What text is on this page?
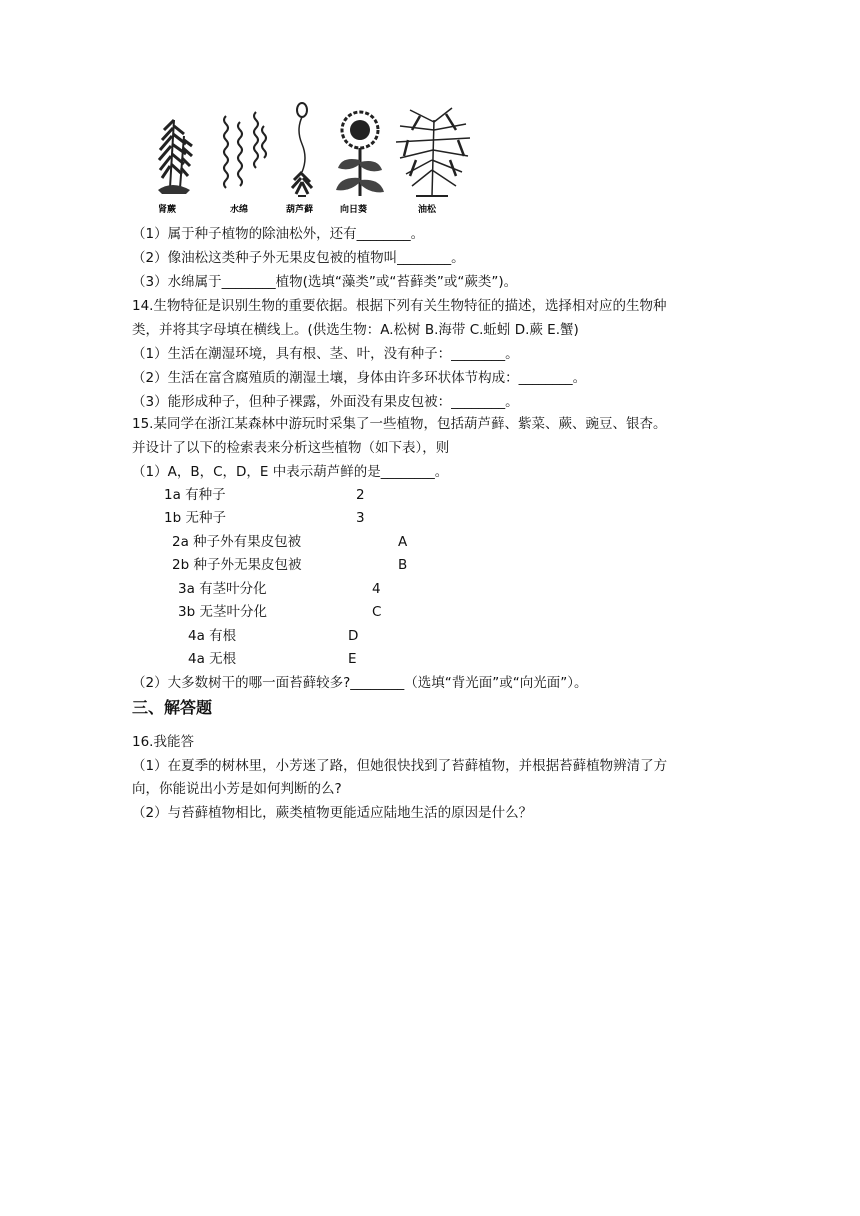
肾蕨	水绵	葫芦藓	向日葵	油松
（1）属于种子植物的除油松外，还有________。
（2）像油松这类种子外无果皮包被的植物叫________。
（3）水绵属于________植物(选填“藻类”或“苔藓类”或“蕨类”)。
14.生物特征是识别生物的重要依据。根据下列有关生物特征的描述，选择相对应的生物种
类，并将其字母填在横线上。(供选生物：A.松树 B.海带 C.蚯蚓 D.蕨 E.蟹)
（1）生活在潮湿环境，具有根、茎、叶，没有种子：________。
（2）生活在富含腐殖质的潮湿土壤，身体由许多环状体节构成：________。
（3）能形成种子，但种子裸露，外面没有果皮包被：________。
15.某同学在浙江某森林中游玩时采集了一些植物，包括葫芦藓、紫菜、蕨、豌豆、银杏。
并设计了以下的检索表来分析这些植物（如下表），则
（1）A，B，C，D，E 中表示葫芦鲜的是________。
1a 有种子	2
1b 无种子	3
2a 种子外有果皮包被	A
2b 种子外无果皮包被	B
3a 有茎叶分化	4
3b 无茎叶分化	C
4a 有根	D
4a 无根	E
（2）大多数树干的哪一面苔藓较多?________（选填“背光面”或“向光面”）。
三、解答题
16.我能答
（1）在夏季的树林里，小芳迷了路，但她很快找到了苔藓植物，并根据苔藓植物辨清了方
向，你能说出小芳是如何判断的么?
（2）与苔藓植物相比，蕨类植物更能适应陆地生活的原因是什么？
